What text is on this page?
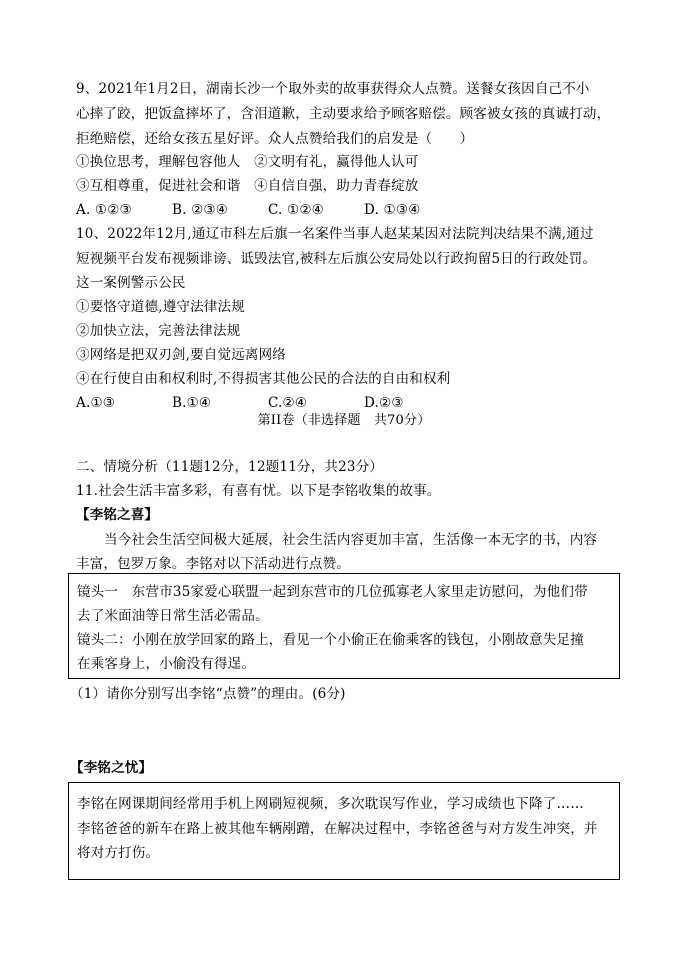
9、2021年1月2日，湖南长沙一个取外卖的故事获得众人点赞。送餐女孩因自己不小
心摔了跤，把饭盒摔坏了，含泪道歉，主动要求给予顾客赔偿。顾客被女孩的真诚打动，
拒绝赔偿，还给女孩五星好评。众人点赞给我们的启发是（　　）
①换位思考，理解包容他人　②文明有礼，赢得他人认可
③互相尊重，促进社会和谐　④自信自强，助力青春绽放
A. ①②③	B. ②③④	C. ①②④	D. ①③④
10、2022年12月,通辽市科左后旗一名案件当事人赵某某因对法院判决结果不满,通过
短视频平台发布视频诽谤、诋毁法官,被科左后旗公安局处以行政拘留5日的行政处罚。
这一案例警示公民
①要恪守道德,遵守法律法规
②加快立法，完善法律法规
③网络是把双刃剑,要自觉远离网络
④在行使自由和权利时,不得损害其他公民的合法的自由和权利
A.①③	B.①④	C.②④	D.②③
第II卷（非选择题　共70分）
二、情境分析（11题12分，12题11分，共23分）
11.社会生活丰富多彩，有喜有忧。以下是李铭收集的故事。
【李铭之喜】
当今社会生活空间极大延展，社会生活内容更加丰富，生活像一本无字的书，内容
丰富，包罗万象。李铭对以下活动进行点赞。
镜头一　东营市35家爱心联盟一起到东营市的几位孤寡老人家里走访慰问，为他们带
去了米面油等日常生活必需品。
镜头二：小刚在放学回家的路上，看见一个小偷正在偷乘客的钱包，小刚故意失足撞
在乘客身上，小偷没有得逞。
（1）请你分别写出李铭“点赞”的理由。(6分)
【李铭之忧】
李铭在网课期间经常用手机上网刷短视频，多次耽误写作业，学习成绩也下降了……
李铭爸爸的新车在路上被其他车辆剐蹭，在解决过程中，李铭爸爸与对方发生冲突，并
将对方打伤。
